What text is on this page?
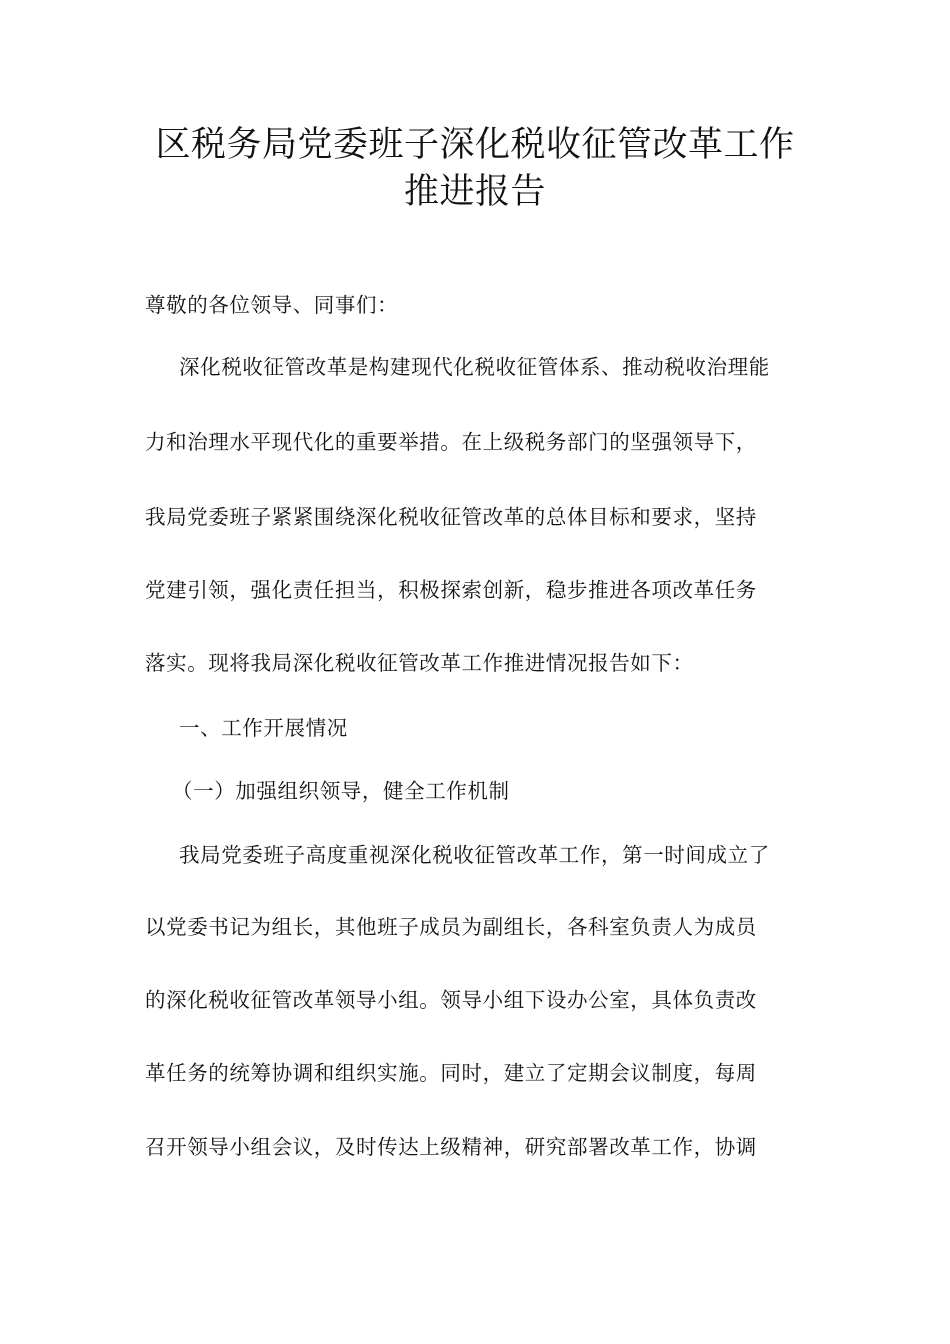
区税务局党委班子深化税收征管改革工作
推进报告
尊敬的各位领导、同事们：
深化税收征管改革是构建现代化税收征管体系、推动税收治理能
力和治理水平现代化的重要举措。在上级税务部门的坚强领导下，
我局党委班子紧紧围绕深化税收征管改革的总体目标和要求，坚持
党建引领，强化责任担当，积极探索创新，稳步推进各项改革任务
落实。现将我局深化税收征管改革工作推进情况报告如下：
一、工作开展情况
（一）加强组织领导，健全工作机制
我局党委班子高度重视深化税收征管改革工作，第一时间成立了
以党委书记为组长，其他班子成员为副组长，各科室负责人为成员
的深化税收征管改革领导小组。领导小组下设办公室，具体负责改
革任务的统筹协调和组织实施。同时，建立了定期会议制度，每周
召开领导小组会议，及时传达上级精神，研究部署改革工作，协调
